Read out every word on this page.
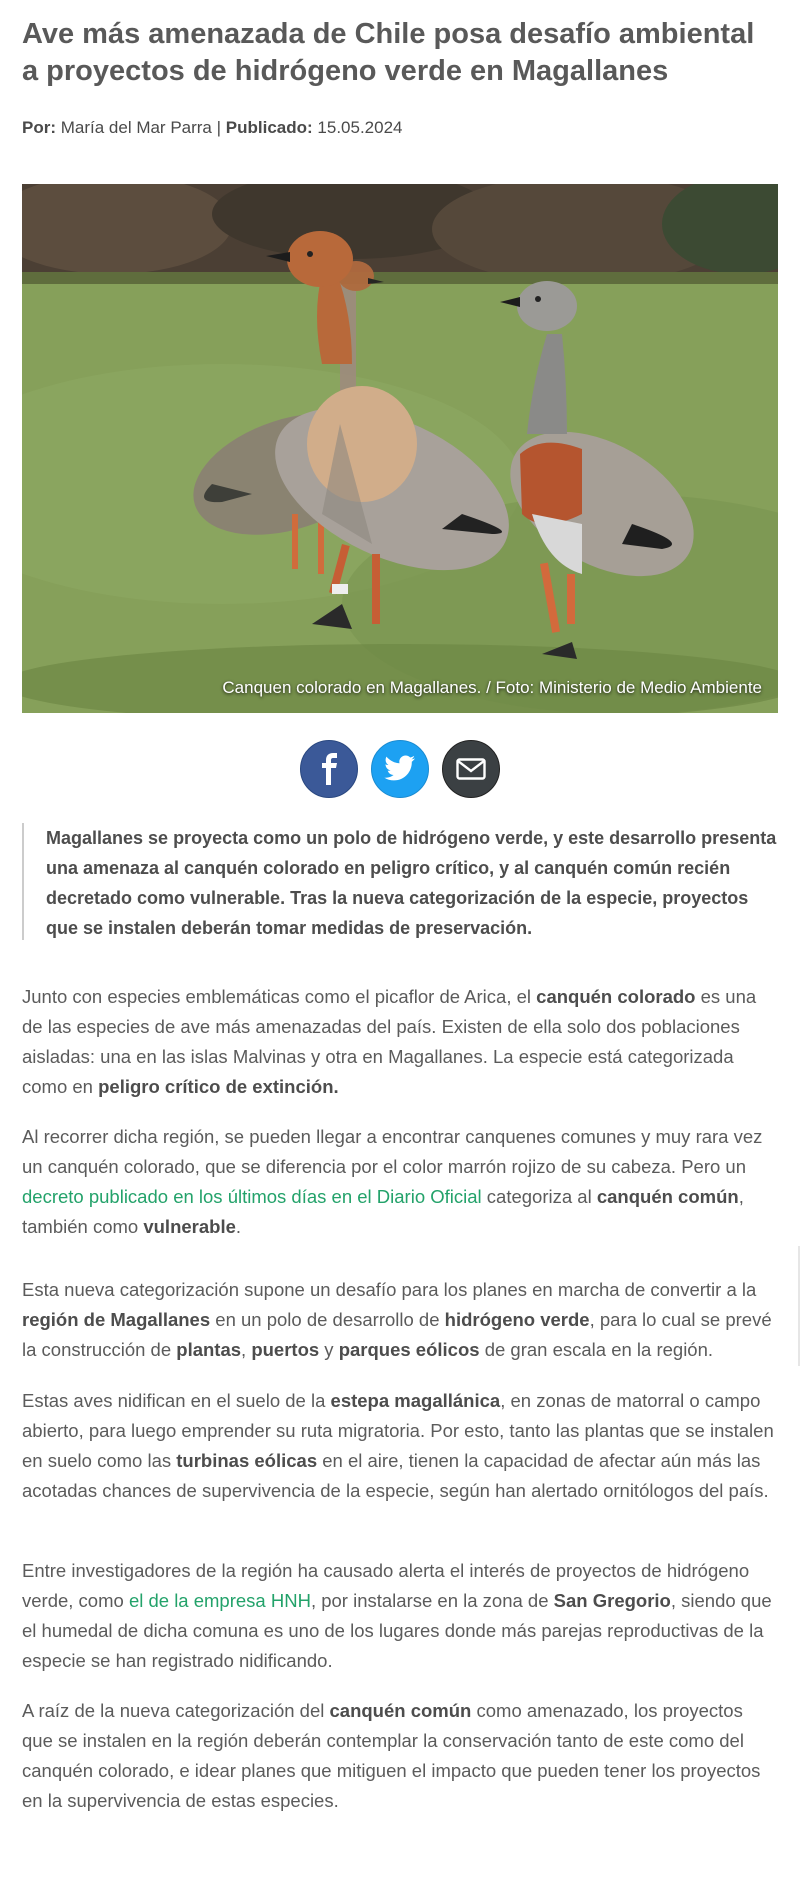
Ave más amenazada de Chile posa desafío ambiental a proyectos de hidrógeno verde en Magallanes
Por: María del Mar Parra | Publicado: 15.05.2024
Canquen colorado en Magallanes. / Foto: Ministerio de Medio Ambiente

Magallanes se proyecta como un polo de hidrógeno verde, y este desarrollo presenta una amenaza al canquén colorado en peligro crítico, y al canquén común recién decretado como vulnerable. Tras la nueva categorización de la especie, proyectos que se instalen deberán tomar medidas de preservación.

Junto con especies emblemáticas como el picaflor de Arica, el canquén colorado es una de las especies de ave más amenazadas del país. Existen de ella solo dos poblaciones aisladas: una en las islas Malvinas y otra en Magallanes. La especie está categorizada como en peligro crítico de extinción.

Al recorrer dicha región, se pueden llegar a encontrar canquenes comunes y muy rara vez un canquén colorado, que se diferencia por el color marrón rojizo de su cabeza. Pero un decreto publicado en los últimos días en el Diario Oficial categoriza al canquén común, también como vulnerable.

Esta nueva categorización supone un desafío para los planes en marcha de convertir a la región de Magallanes en un polo de desarrollo de hidrógeno verde, para lo cual se prevé la construcción de plantas, puertos y parques eólicos de gran escala en la región.

Estas aves nidifican en el suelo de la estepa magallánica, en zonas de matorral o campo abierto, para luego emprender su ruta migratoria. Por esto, tanto las plantas que se instalen en suelo como las turbinas eólicas en el aire, tienen la capacidad de afectar aún más las acotadas chances de supervivencia de la especie, según han alertado ornitólogos del país.

Entre investigadores de la región ha causado alerta el interés de proyectos de hidrógeno verde, como el de la empresa HNH, por instalarse en la zona de San Gregorio, siendo que el humedal de dicha comuna es uno de los lugares donde más parejas reproductivas de la especie se han registrado nidificando.

A raíz de la nueva categorización del canquén común como amenazado, los proyectos que se instalen en la región deberán contemplar la conservación tanto de este como del canquén colorado, e idear planes que mitiguen el impacto que pueden tener los proyectos en la supervivencia de estas especies.
